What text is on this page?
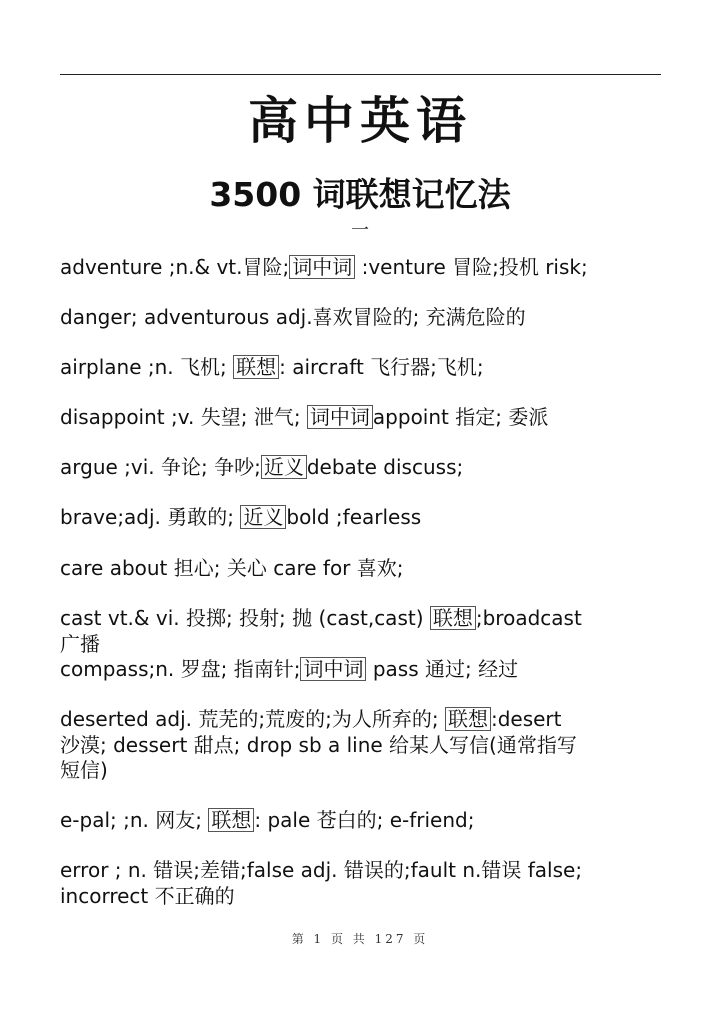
高中英语
3500 词联想记忆法
一
adventure ;n.& vt.冒险; 词中词 :venture 冒险;投机 risk;
danger; adventurous adj.喜欢冒险的; 充满危险的
airplane ;n. 飞机; 联想 : aircraft 飞行器;飞机;
disappoint ;v. 失望; 泄气; 词中词 appoint 指定; 委派
argue ;vi. 争论; 争吵; 近义 debate discuss;
brave;adj. 勇敢的; 近义 bold ;fearless
care about 担心; 关心 care for 喜欢;
cast vt.& vi. 投掷; 投射; 抛 (cast,cast) 联想 ;broadcast
广播
compass;n. 罗盘; 指南针; 词中词 pass 通过; 经过
deserted adj. 荒芜的;荒废的;为人所弃的; 联想 :desert
沙漠; dessert 甜点; drop sb a line 给某人写信(通常指写
短信)
e-pal; ;n. 网友; 联想 : pale 苍白的; e-friend;
error ; n. 错误;差错;false adj. 错误的;fault n.错误 false;
incorrect 不正确的
第 1 页 共 127 页
